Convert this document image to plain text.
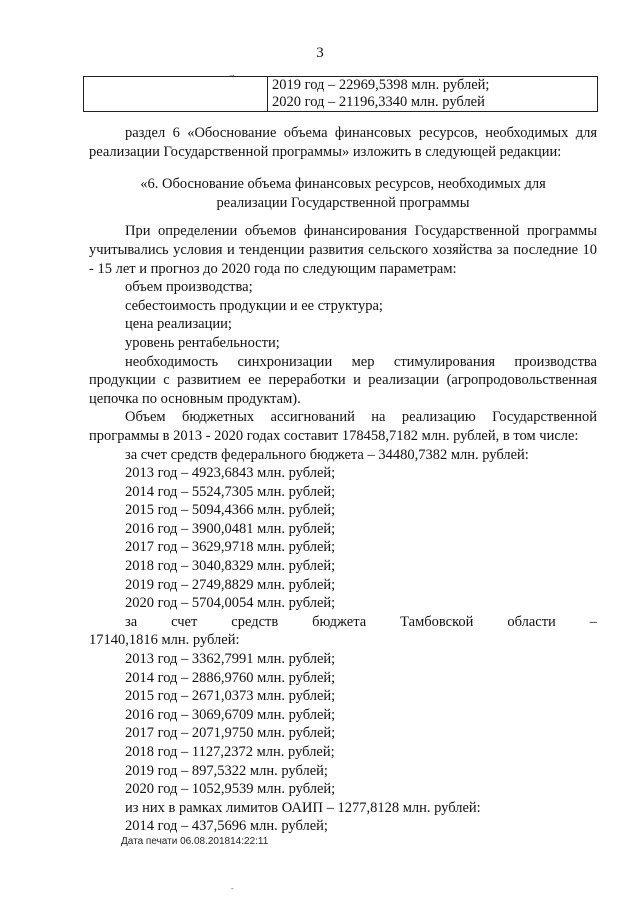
3
→

2019 год – 22969,5398 млн. рублей;
2020 год – 21196,3340 млн. рублей

раздел 6 «Обоснование объема финансовых ресурсов, необходимых для реализации Государственной программы» изложить в следующей редакции:

«6. Обоснование объема финансовых ресурсов, необходимых для

реализации Государственной программы

При определении объемов финансирования Государственной программы учитывались условия и тенденции развития сельского хозяйства за последние 10 - 15 лет и прогноз до 2020 года по следующим параметрам:

объем производства;

себестоимость продукции и ее структура;

цена реализации;

уровень рентабельности;

необходимость синхронизации мер стимулирования производства продукции с развитием ее переработки и реализации (агропродовольственная цепочка по основным продуктам).

Объем бюджетных ассигнований на реализацию Государственной программы в 2013 - 2020 годах составит 178458,7182 млн. рублей, в том числе:

за счет средств федерального бюджета – 34480,7382 млн. рублей:

2013 год – 4923,6843 млн. рублей;

2014 год – 5524,7305 млн. рублей;

2015 год – 5094,4366 млн. рублей;

2016 год – 3900,0481 млн. рублей;

2017 год – 3629,9718 млн. рублей;

2018 год – 3040,8329 млн. рублей;

2019 год – 2749,8829 млн. рублей;

2020 год – 5704,0054 млн. рублей;

за счет средств бюджета Тамбовской области –

17140,1816 млн. рублей:

2013 год – 3362,7991 млн. рублей;

2014 год – 2886,9760 млн. рублей;

2015 год – 2671,0373 млн. рублей;

2016 год – 3069,6709 млн. рублей;

2017 год – 2071,9750 млн. рублей;

2018 год – 1127,2372 млн. рублей;

2019 год – 897,5322 млн. рублей;

2020 год – 1052,9539 млн. рублей;

из них в рамках лимитов ОАИП – 1277,8128 млн. рублей:

2014 год – 437,5696 млн. рублей;

Дата печати 06.08.201814:22:11
-
